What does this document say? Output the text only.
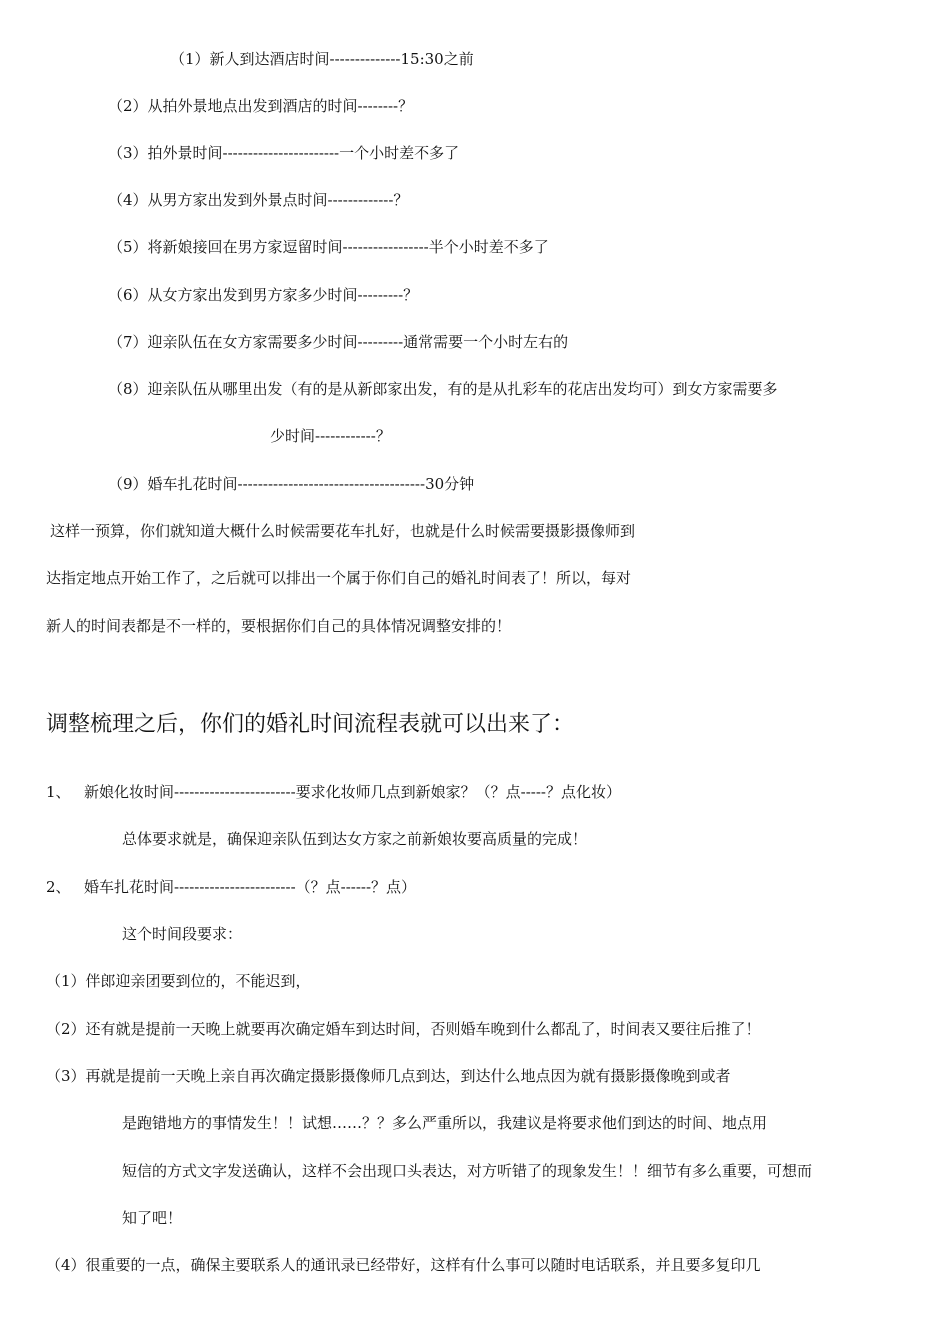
（1）新人到达酒店时间--------------15:30之前
（2）从拍外景地点出发到酒店的时间--------？
（3）拍外景时间-----------------------一个小时差不多了
（4）从男方家出发到外景点时间-------------？
（5）将新娘接回在男方家逗留时间-----------------半个小时差不多了
（6）从女方家出发到男方家多少时间---------？
（7）迎亲队伍在女方家需要多少时间---------通常需要一个小时左右的
（8）迎亲队伍从哪里出发（有的是从新郎家出发，有的是从扎彩车的花店出发均可）到女方家需要多
少时间------------？
（9）婚车扎花时间-------------------------------------30分钟
这样一预算，你们就知道大概什么时候需要花车扎好，也就是什么时候需要摄影摄像师到
达指定地点开始工作了，之后就可以排出一个属于你们自己的婚礼时间表了！所以，每对
新人的时间表都是不一样的，要根据你们自己的具体情况调整安排的！
调整梳理之后，你们的婚礼时间流程表就可以出来了：
1、 新娘化妆时间------------------------要求化妆师几点到新娘家？（？点-----？点化妆）
总体要求就是，确保迎亲队伍到达女方家之前新娘妆要高质量的完成！
2、 婚车扎花时间------------------------（？点------？点）
这个时间段要求：
（1）伴郎迎亲团要到位的，不能迟到，
（2）还有就是提前一天晚上就要再次确定婚车到达时间，否则婚车晚到什么都乱了，时间表又要往后推了！
（3）再就是提前一天晚上亲自再次确定摄影摄像师几点到达，到达什么地点因为就有摄影摄像晚到或者
是跑错地方的事情发生！！试想……？？多么严重所以，我建议是将要求他们到达的时间、地点用
短信的方式文字发送确认，这样不会出现口头表达，对方听错了的现象发生！！细节有多么重要，可想而
知了吧！
（4）很重要的一点，确保主要联系人的通讯录已经带好，这样有什么事可以随时电话联系，并且要多复印几
